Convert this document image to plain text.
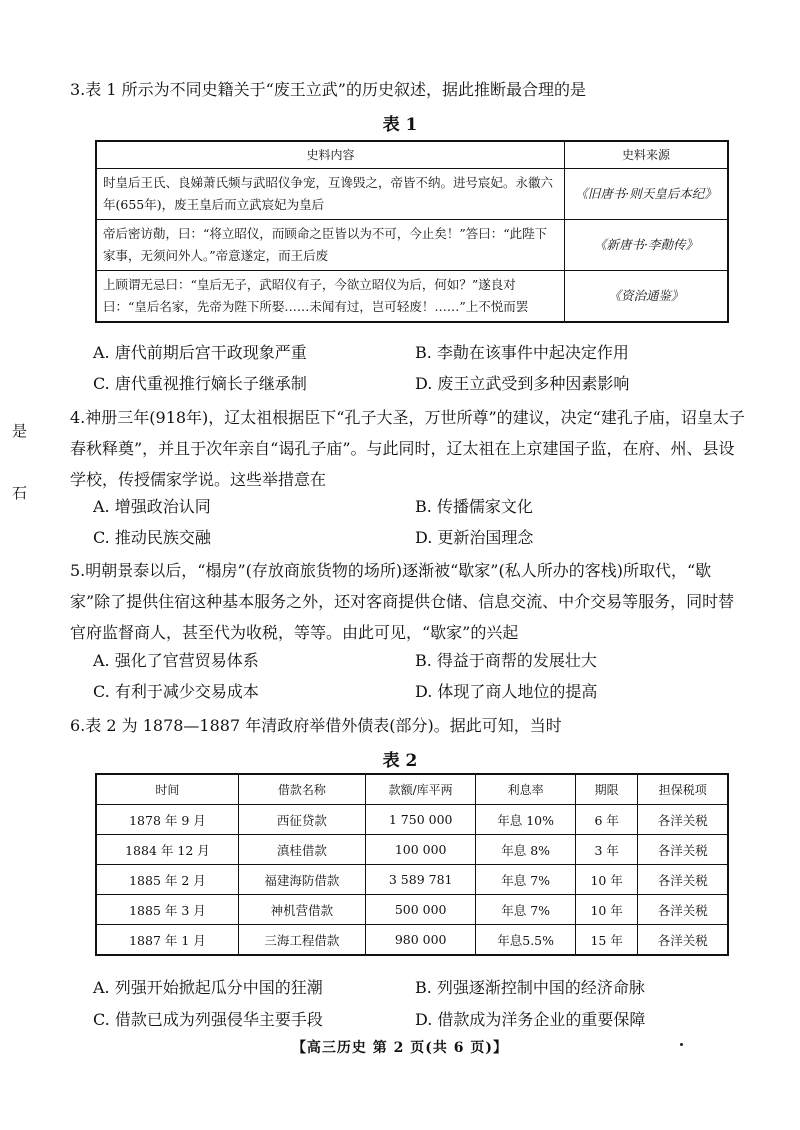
3.表 1 所示为不同史籍关于“废王立武”的历史叙述，据此推断最合理的是

表 1

史料内容	史料来源
时皇后王氏、良娣萧氏频与武昭仪争宠，互谗毁之，帝皆不纳。进号宸妃。永徽六年(655年)，废王皇后而立武宸妃为皇后	《旧唐书·则天皇后本纪》
帝后密访勣，曰：“将立昭仪，而顾命之臣皆以为不可，今止矣！”答曰：“此陛下家事，无须问外人。”帝意遂定，而王后废	《新唐书·李勣传》
上顾谓无忌曰：“皇后无子，武昭仪有子，今欲立昭仪为后，何如？”遂良对曰：“皇后名家，先帝为陛下所娶……未闻有过，岂可轻废！……”上不悦而罢	《资治通鉴》
A. 唐代前期后宫干政现象严重	B. 李勣在该事件中起决定作用
C. 唐代重视推行嫡长子继承制	D. 废王立武受到多种因素影响

4.神册三年(918年)，辽太祖根据臣下“孔子大圣，万世所尊”的建议，决定“建孔子庙，诏皇太子春秋释奠”，并且于次年亲自“谒孔子庙”。与此同时，辽太祖在上京建国子监，在府、州、县设学校，传授儒家学说。这些举措意在

A. 增强政治认同	B. 传播儒家文化
C. 推动民族交融	D. 更新治国理念

5.明朝景泰以后，“榻房”(存放商旅货物的场所)逐渐被“歇家”(私人所办的客栈)所取代，“歇家”除了提供住宿这种基本服务之外，还对客商提供仓储、信息交流、中介交易等服务，同时替官府监督商人，甚至代为收税，等等。由此可见，“歇家”的兴起

A. 强化了官营贸易体系	B. 得益于商帮的发展壮大
C. 有利于减少交易成本	D. 体现了商人地位的提高

6.表 2 为 1878—1887 年清政府举借外债表(部分)。据此可知，当时

表 2

时间	借款名称	款额/库平两	利息率	期限	担保税项
1878 年 9 月	西征贷款	1 750 000	年息 10%	6 年	各洋关税
1884 年 12 月	滇桂借款	100 000	年息 8%	3 年	各洋关税
1885 年 2 月	福建海防借款	3 589 781	年息 7%	10 年	各洋关税
1885 年 3 月	神机营借款	500 000	年息 7%	10 年	各洋关税
1887 年 1 月	三海工程借款	980 000	年息5.5%	15 年	各洋关税
A. 列强开始掀起瓜分中国的狂潮	B. 列强逐渐控制中国的经济命脉
C. 借款已成为列强侵华主要手段	D. 借款成为洋务企业的重要保障
是
石
【高三历史 第 2 页(共 6 页)】
